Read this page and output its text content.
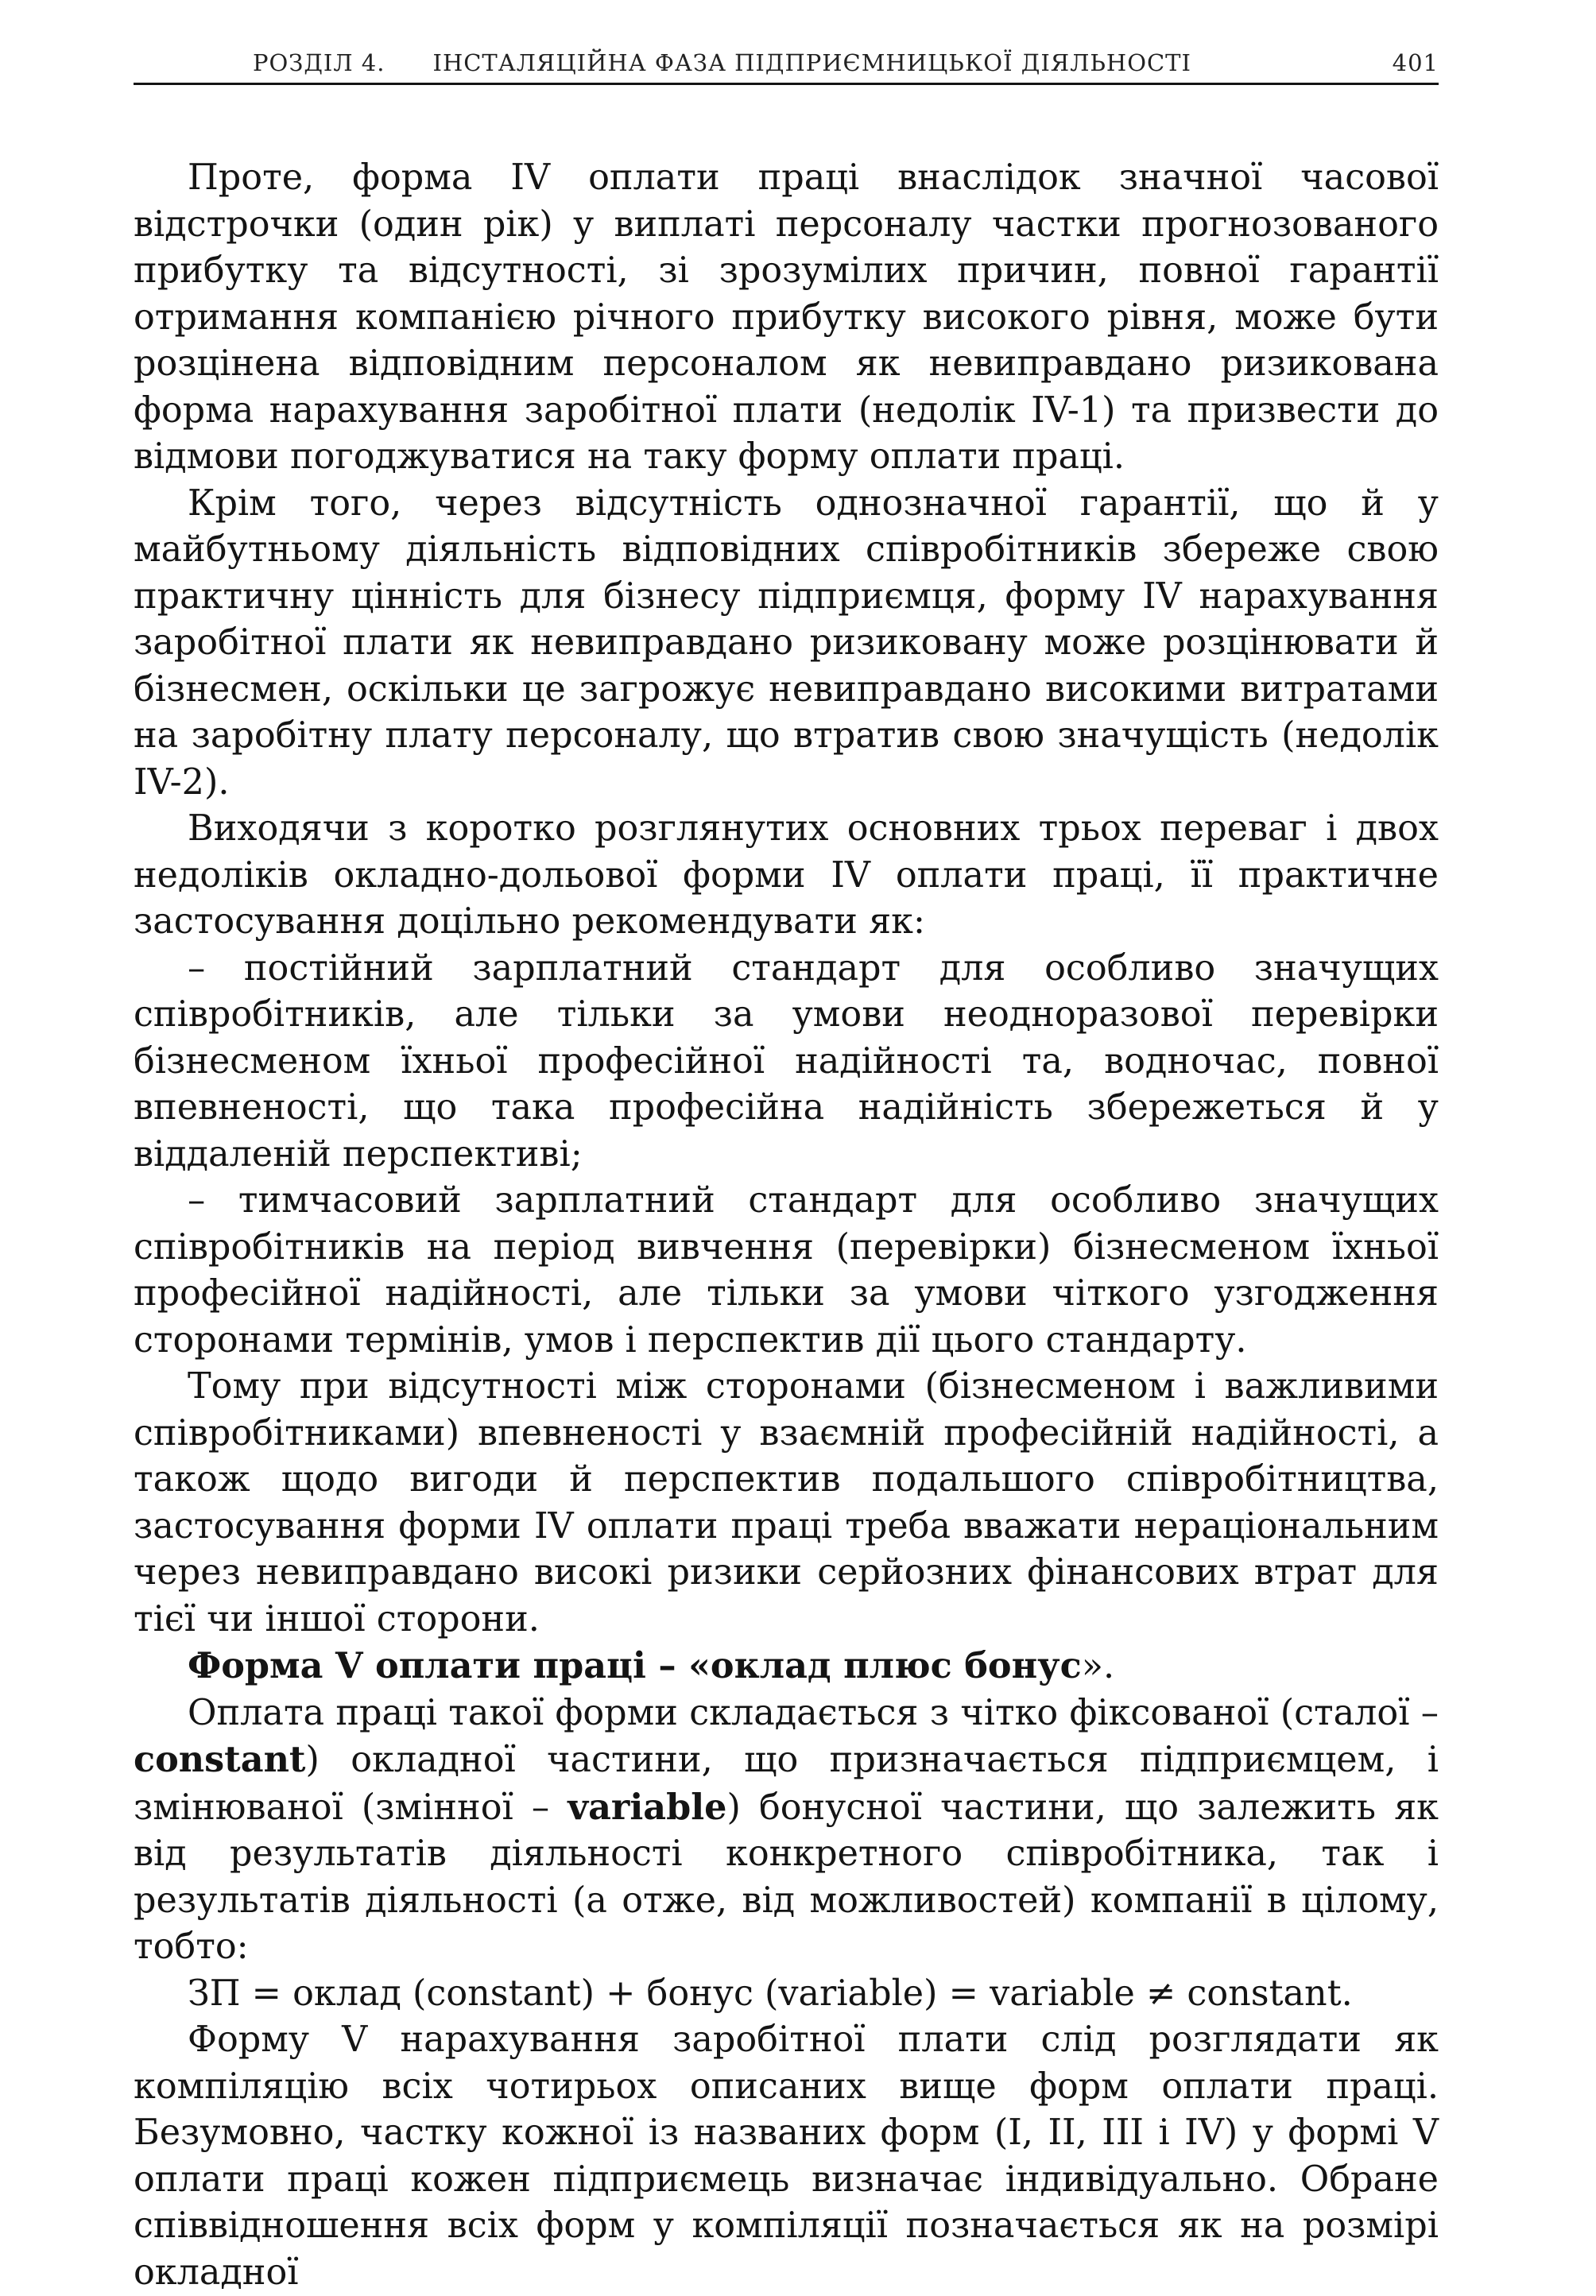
РОЗДІЛ 4. ІНСТАЛЯЦІЙНА ФАЗА ПІДПРИЄМНИЦЬКОЇ ДІЯЛЬНОСТІ	401

Проте, форма IV оплати праці внаслідок значної часової відстрочки (один рік) у виплаті персоналу частки прогнозованого прибутку та відсутності, зі зрозумілих причин, повної гарантії отримання компанією річного прибутку високого рівня, може бути розцінена відповідним персоналом як невиправдано ризикована форма нарахування заробітної плати (недолік IV-1) та призвести до відмови погоджуватися на таку форму оплати праці.

Крім того, через відсутність однозначної гарантії, що й у майбутньому діяльність відповідних співробітників збереже свою практичну цінність для бізнесу підприємця, форму IV нарахування заробітної плати як невиправдано ризиковану може розцінювати й бізнесмен, оскільки це загрожує невиправдано високими витратами на заробітну плату персоналу, що втратив свою значущість (недолік IV-2).

Виходячи з коротко розглянутих основних трьох переваг і двох недоліків окладно-дольової форми IV оплати праці, її практичне застосування доцільно рекомендувати як:

– постійний зарплатний стандарт для особливо значущих співробітників, але тільки за умови неодноразової перевірки бізнесменом їхньої професійної надійності та, водночас, повної впевненості, що така професійна надійність збережеться й у віддаленій перспективі;

– тимчасовий зарплатний стандарт для особливо значущих співробітників на період вивчення (перевірки) бізнесменом їхньої професійної надійності, але тільки за умови чіткого узгодження сторонами термінів, умов і перспектив дії цього стандарту.

Тому при відсутності між сторонами (бізнесменом і важливими співробітниками) впевненості у взаємній професійній надійності, а також щодо вигоди й перспектив подальшого співробітництва, застосування форми IV оплати праці треба вважати нераціональним через невиправдано високі ризики серйозних фінансових втрат для тієї чи іншої сторони.

Форма V оплати праці – «оклад плюс бонус».

Оплата праці такої форми складається з чітко фіксованої (сталої – constant) окладної частини, що призначається підприємцем, і змінюваної (змінної – variable) бонусної частини, що залежить як від результатів діяльності конкретного співробітника, так і результатів діяльності (а отже, від можливостей) компанії в цілому, тобто:

ЗП = оклад (constant) + бонус (variable) = variable ≠ constant.

Форму V нарахування заробітної плати слід розглядати як компіляцію всіх чотирьох описаних вище форм оплати праці. Безумовно, частку кожної із названих форм (I, II, III і IV) у формі V оплати праці кожен підприємець визначає індивідуально. Обране співвідношення всіх форм у компіляції позначається як на розмірі окладної
